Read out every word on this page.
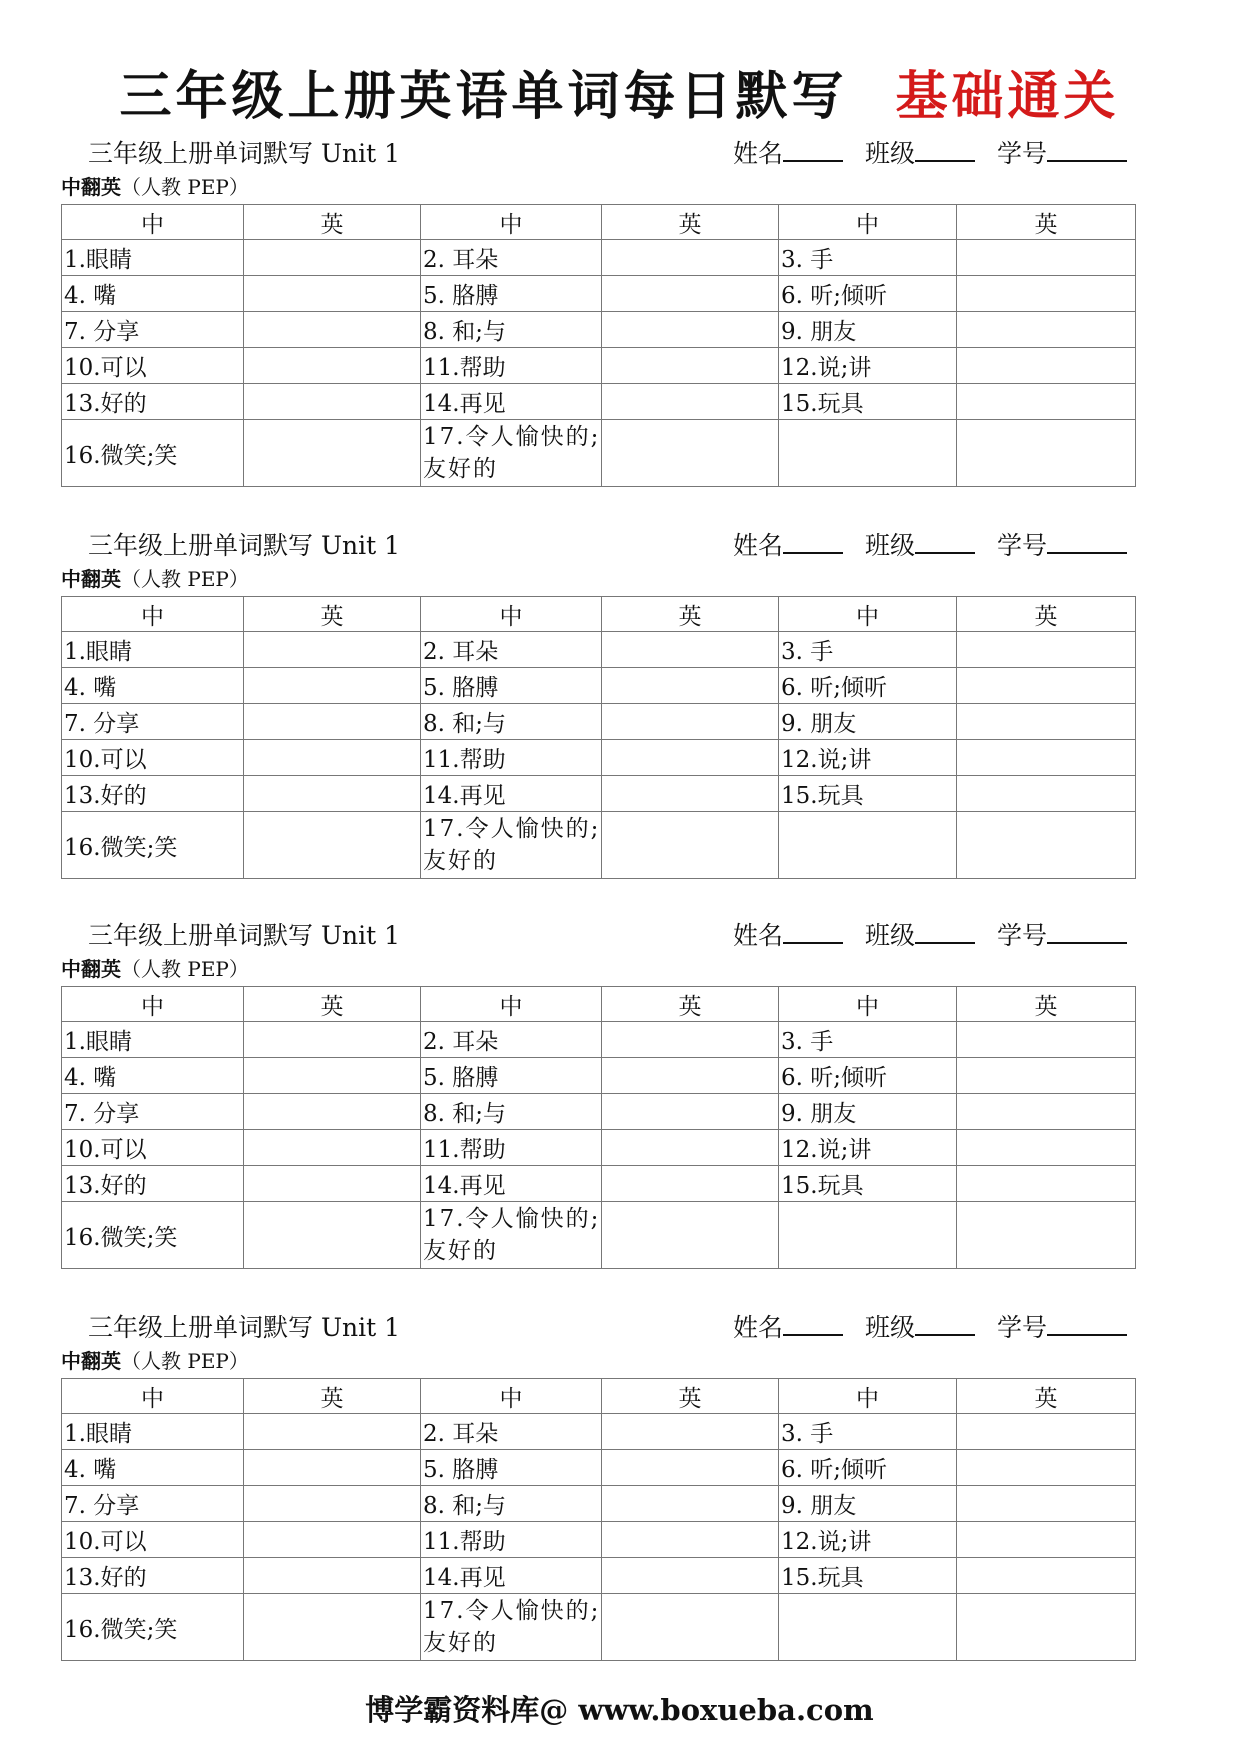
三年级上册英语单词每日默写 基础通关
三年级上册单词默写 Unit 1	姓名	班级	学号
中翻英（人教 PEP）
中	英	中	英	中	英
1.眼睛		2. 耳朵		3. 手	
4. 嘴		5. 胳膊		6. 听;倾听	
7. 分享		8. 和;与		9. 朋友	
10.可以		11.帮助		12.说;讲	
13.好的		14.再见		15.玩具	
16.微笑;笑		17.令人愉快的;友好的			
三年级上册单词默写 Unit 1	姓名	班级	学号
中翻英（人教 PEP）
中	英	中	英	中	英
1.眼睛		2. 耳朵		3. 手	
4. 嘴		5. 胳膊		6. 听;倾听	
7. 分享		8. 和;与		9. 朋友	
10.可以		11.帮助		12.说;讲	
13.好的		14.再见		15.玩具	
16.微笑;笑		17.令人愉快的;友好的			
三年级上册单词默写 Unit 1	姓名	班级	学号
中翻英（人教 PEP）
中	英	中	英	中	英
1.眼睛		2. 耳朵		3. 手	
4. 嘴		5. 胳膊		6. 听;倾听	
7. 分享		8. 和;与		9. 朋友	
10.可以		11.帮助		12.说;讲	
13.好的		14.再见		15.玩具	
16.微笑;笑		17.令人愉快的;友好的			
三年级上册单词默写 Unit 1	姓名	班级	学号
中翻英（人教 PEP）
中	英	中	英	中	英
1.眼睛		2. 耳朵		3. 手	
4. 嘴		5. 胳膊		6. 听;倾听	
7. 分享		8. 和;与		9. 朋友	
10.可以		11.帮助		12.说;讲	
13.好的		14.再见		15.玩具	
16.微笑;笑		17.令人愉快的;友好的			
博学霸资料库@ www.boxueba.com
